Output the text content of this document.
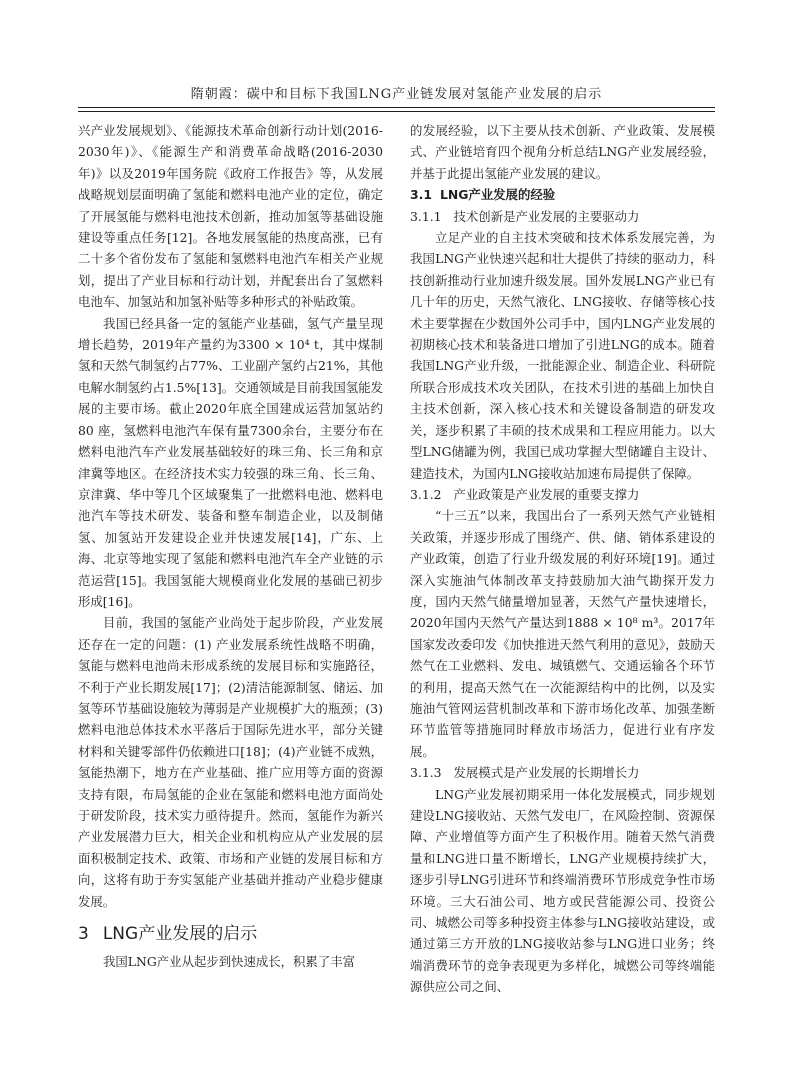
隋朝霞：碳中和目标下我国LNG产业链发展对氢能产业发展的启示

兴产业发展规划》、《能源技术革命创新行动计划(2016-2030年)》、《能源生产和消费革命战略(2016-2030年)》以及2019年国务院《政府工作报告》等，从发展战略规划层面明确了氢能和燃料电池产业的定位，确定了开展氢能与燃料电池技术创新，推动加氢等基础设施建设等重点任务[12]。各地发展氢能的热度高涨，已有二十多个省份发布了氢能和氢燃料电池汽车相关产业规划，提出了产业目标和行动计划，并配套出台了氢燃料电池车、加氢站和加氢补贴等多种形式的补贴政策。

我国已经具备一定的氢能产业基础，氢气产量呈现增长趋势，2019年产量约为3300 × 10⁴ t，其中煤制氢和天然气制氢约占77%、工业副产氢约占21%，其他电解水制氢约占1.5%[13]。交通领域是目前我国氢能发展的主要市场。截止2020年底全国建成运营加氢站约80 座，氢燃料电池汽车保有量7300余台，主要分布在燃料电池汽车产业发展基础较好的珠三角、长三角和京津冀等地区。在经济技术实力较强的珠三角、长三角、京津冀、华中等几个区域聚集了一批燃料电池、燃料电池汽车等技术研发、装备和整车制造企业，以及制储氢、加氢站开发建设企业并快速发展[14]，广东、上海、北京等地实现了氢能和燃料电池汽车全产业链的示范运营[15]。我国氢能大规模商业化发展的基础已初步形成[16]。

目前，我国的氢能产业尚处于起步阶段，产业发展还存在一定的问题：(1) 产业发展系统性战略不明确，氢能与燃料电池尚未形成系统的发展目标和实施路径，不利于产业长期发展[17]；(2)清洁能源制氢、储运、加氢等环节基础设施较为薄弱是产业规模扩大的瓶颈；(3) 燃料电池总体技术水平落后于国际先进水平，部分关键材料和关键零部件仍依赖进口[18]；(4)产业链不成熟，氢能热潮下，地方在产业基础、推广应用等方面的资源支持有限，布局氢能的企业在氢能和燃料电池方面尚处于研发阶段，技术实力亟待提升。然而，氢能作为新兴产业发展潜力巨大，相关企业和机构应从产业发展的层面积极制定技术、政策、市场和产业链的发展目标和方向，这将有助于夯实氢能产业基础并推动产业稳步健康发展。

3 LNG产业发展的启示

我国LNG产业从起步到快速成长，积累了丰富

的发展经验，以下主要从技术创新、产业政策、发展模式、产业链培育四个视角分析总结LNG产业发展经验，并基于此提出氢能产业发展的建议。

3.1 LNG产业发展的经验
3.1.1 技术创新是产业发展的主要驱动力

立足产业的自主技术突破和技术体系发展完善，为我国LNG产业快速兴起和壮大提供了持续的驱动力，科技创新推动行业加速升级发展。国外发展LNG产业已有几十年的历史，天然气液化、LNG接收、存储等核心技术主要掌握在少数国外公司手中，国内LNG产业发展的初期核心技术和装备进口增加了引进LNG的成本。随着我国LNG产业升级，一批能源企业、制造企业、科研院所联合形成技术攻关团队，在技术引进的基础上加快自主技术创新，深入核心技术和关键设备制造的研发攻关，逐步积累了丰硕的技术成果和工程应用能力。以大型LNG储罐为例，我国已成功掌握大型储罐自主设计、建造技术，为国内LNG接收站加速布局提供了保障。

3.1.2 产业政策是产业发展的重要支撑力

“十三五”以来，我国出台了一系列天然气产业链相关政策，并逐步形成了围绕产、供、储、销体系建设的产业政策，创造了行业升级发展的利好环境[19]。通过深入实施油气体制改革支持鼓励加大油气勘探开发力度，国内天然气储量增加显著，天然气产量快速增长，2020年国内天然气产量达到1888 × 10⁸ m³。2017年国家发改委印发《加快推进天然气利用的意见》，鼓励天然气在工业燃料、发电、城镇燃气、交通运输各个环节的利用，提高天然气在一次能源结构中的比例，以及实施油气管网运营机制改革和下游市场化改革、加强垄断环节监管等措施同时释放市场活力，促进行业有序发展。

3.1.3 发展模式是产业发展的长期增长力

LNG产业发展初期采用一体化发展模式，同步规划建设LNG接收站、天然气发电厂，在风险控制、资源保障、产业增值等方面产生了积极作用。随着天然气消费量和LNG进口量不断增长，LNG产业规模持续扩大，逐步引导LNG引进环节和终端消费环节形成竞争性市场环境。三大石油公司、地方或民营能源公司、投资公司、城燃公司等多种投资主体参与LNG接收站建设，或通过第三方开放的LNG接收站参与LNG进口业务；终端消费环节的竞争表现更为多样化，城燃公司等终端能源供应公司之间、
